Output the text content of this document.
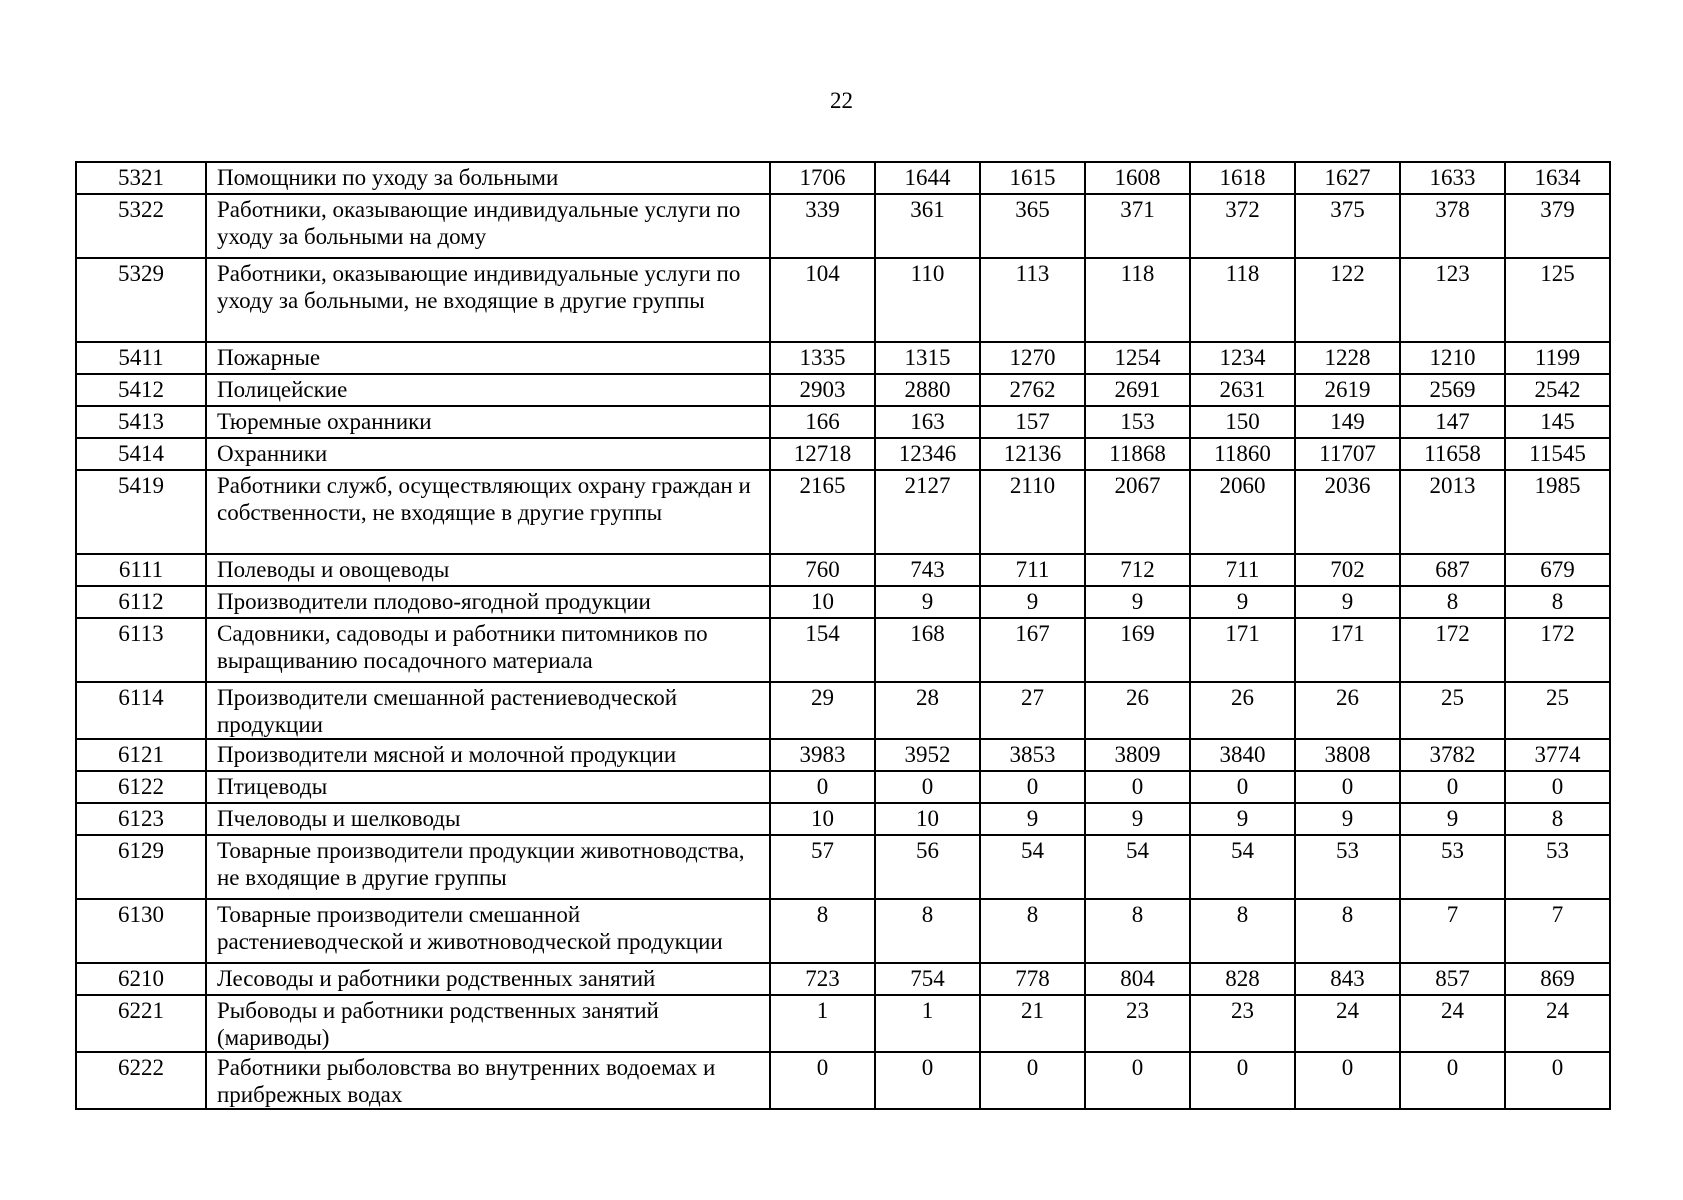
22
5321	Помощники по уходу за больными	1706	1644	1615	1608	1618	1627	1633	1634
5322	Работники, оказывающие индивидуальные услуги по уходу за больными на дому	339	361	365	371	372	375	378	379
5329	Работники, оказывающие индивидуальные услуги по уходу за больными, не входящие в другие группы	104	110	113	118	118	122	123	125
5411	Пожарные	1335	1315	1270	1254	1234	1228	1210	1199
5412	Полицейские	2903	2880	2762	2691	2631	2619	2569	2542
5413	Тюремные охранники	166	163	157	153	150	149	147	145
5414	Охранники	12718	12346	12136	11868	11860	11707	11658	11545
5419	Работники служб, осуществляющих охрану граждан и собственности, не входящие в другие группы	2165	2127	2110	2067	2060	2036	2013	1985
6111	Полеводы и овощеводы	760	743	711	712	711	702	687	679
6112	Производители плодово-ягодной продукции	10	9	9	9	9	9	8	8
6113	Садовники, садоводы и работники питомников по выращиванию посадочного материала	154	168	167	169	171	171	172	172
6114	Производители смешанной растениеводческой продукции	29	28	27	26	26	26	25	25
6121	Производители мясной и молочной продукции	3983	3952	3853	3809	3840	3808	3782	3774
6122	Птицеводы	0	0	0	0	0	0	0	0
6123	Пчеловоды и шелководы	10	10	9	9	9	9	9	8
6129	Товарные производители продукции животноводства, не входящие в другие группы	57	56	54	54	54	53	53	53
6130	Товарные производители смешанной растениеводческой и животноводческой продукции	8	8	8	8	8	8	7	7
6210	Лесоводы и работники родственных занятий	723	754	778	804	828	843	857	869
6221	Рыбоводы и работники родственных занятий (мариводы)	1	1	21	23	23	24	24	24
6222	Работники рыболовства во внутренних водоемах и прибрежных водах	0	0	0	0	0	0	0	0
